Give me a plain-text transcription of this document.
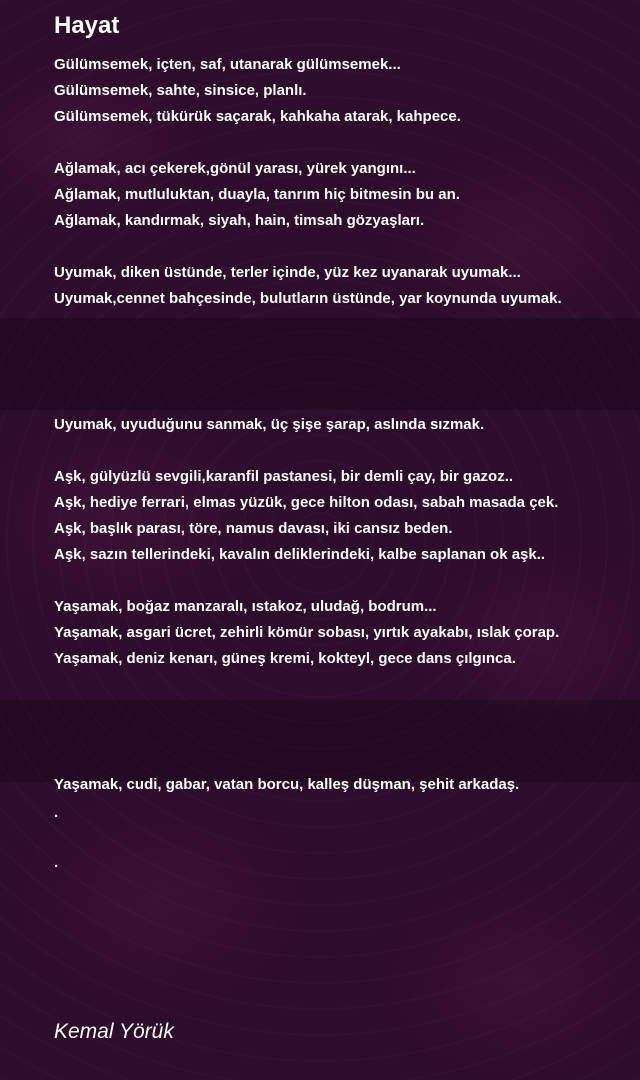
Hayat

Gülümsemek, içten, saf, utanarak gülümsemek...

Gülümsemek, sahte, sinsice, planlı.

Gülümsemek, tükürük saçarak, kahkaha atarak, kahpece.

Ağlamak, acı çekerek,gönül yarası, yürek yangını...

Ağlamak, mutluluktan, duayla, tanrım hiç bitmesin bu an.

Ağlamak, kandırmak, siyah, hain, timsah gözyaşları.

Uyumak, diken üstünde, terler içinde, yüz kez uyanarak uyumak...

Uyumak,cennet bahçesinde, bulutların üstünde, yar koynunda uyumak.

Uyumak, uyuduğunu sanmak, üç şişe şarap, aslında sızmak.

Aşk, gülyüzlü sevgili,karanfil pastanesi, bir demli çay, bir gazoz..

Aşk, hediye ferrari, elmas yüzük, gece hilton odası, sabah masada çek.

Aşk, başlık parası, töre, namus davası, iki cansız beden.

Aşk, sazın tellerindeki, kavalın deliklerindeki, kalbe saplanan ok aşk..

Yaşamak, boğaz manzaralı, ıstakoz, uludağ, bodrum...

Yaşamak, asgari ücret, zehirli kömür sobası, yırtık ayakabı, ıslak çorap.

Yaşamak, deniz kenarı, güneş kremi, kokteyl, gece dans çılgınca.

Yaşamak, cudi, gabar, vatan borcu, kalleş düşman, şehit arkadaş.

.

.

Kemal Yörük
